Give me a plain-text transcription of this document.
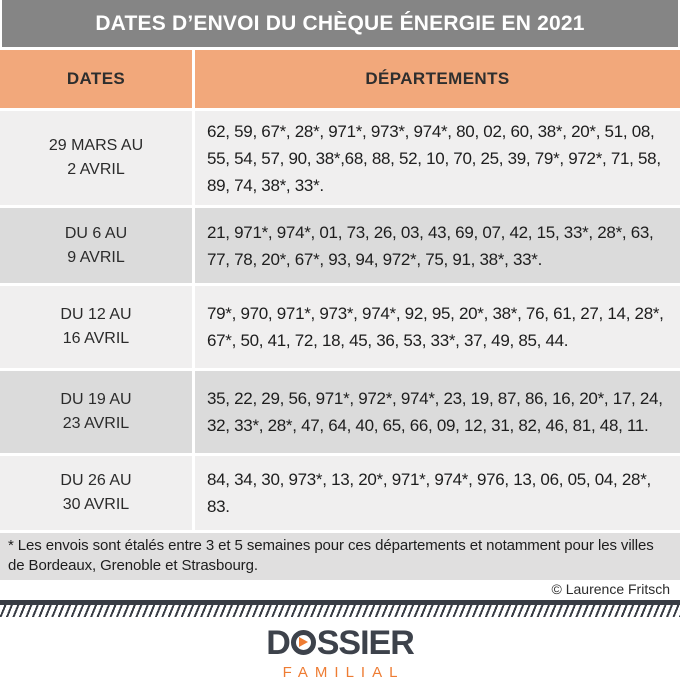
DATES D’ENVOI DU CHÈQUE ÉNERGIE EN 2021
DATES	DÉPARTEMENTS
29 MARS AU
2 AVRIL
62, 59, 67*, 28*, 971*, 973*, 974*, 80, 02, 60, 38*, 20*, 51, 08, 55, 54, 57, 90, 38*,68, 88, 52, 10, 70, 25, 39, 79*, 972*, 71, 58, 89, 74, 38*, 33*.
DU 6 AU
9 AVRIL
21, 971*, 974*, 01, 73, 26, 03, 43, 69, 07, 42, 15, 33*, 28*, 63, 77, 78, 20*, 67*, 93, 94, 972*, 75, 91, 38*, 33*.
DU 12 AU
16 AVRIL
79*, 970, 971*, 973*, 974*, 92, 95, 20*, 38*, 76, 61, 27, 14, 28*, 67*, 50, 41, 72, 18, 45, 36, 53, 33*, 37, 49, 85, 44.
DU 19 AU
23 AVRIL
35, 22, 29, 56, 971*, 972*, 974*, 23, 19, 87, 86, 16, 20*, 17, 24, 32, 33*, 28*, 47, 64, 40, 65, 66, 09, 12, 31, 82, 46, 81, 48, 11.
DU 26 AU
30 AVRIL
84, 34, 30, 973*, 13, 20*, 971*, 974*, 976, 13, 06, 05, 04, 28*, 83.
* Les envois sont étalés entre 3 et 5 semaines pour ces départements et notamment pour les villes de Bordeaux, Grenoble et Strasbourg.
© Laurence Fritsch
D SSIER
FAMILIAL
